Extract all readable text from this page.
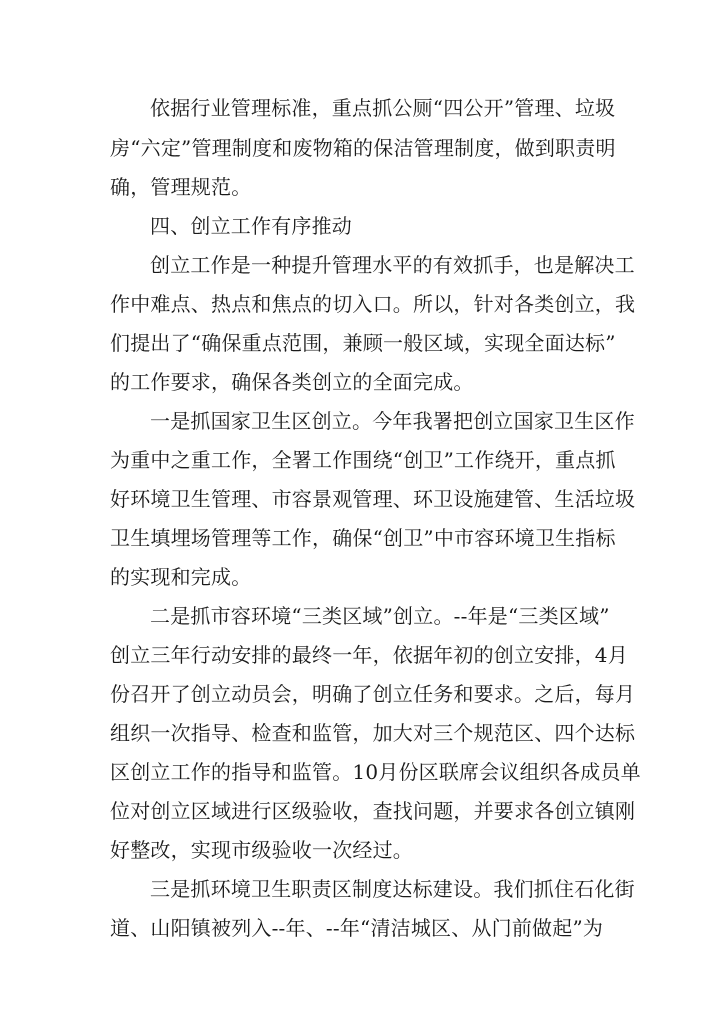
依据行业管理标准，重点抓公厕“四公开”管理、垃圾
房“六定”管理制度和废物箱的保洁管理制度，做到职责明
确，管理规范。
四、创立工作有序推动
创立工作是一种提升管理水平的有效抓手，也是解决工
作中难点、热点和焦点的切入口。所以，针对各类创立，我
们提出了“确保重点范围，兼顾一般区域，实现全面达标”
的工作要求，确保各类创立的全面完成。
一是抓国家卫生区创立。今年我署把创立国家卫生区作
为重中之重工作，全署工作围绕“创卫”工作绕开，重点抓
好环境卫生管理、市容景观管理、环卫设施建管、生活垃圾
卫生填埋场管理等工作，确保“创卫”中市容环境卫生指标
的实现和完成。
二是抓市容环境“三类区域”创立。--年是“三类区域”
创立三年行动安排的最终一年，依据年初的创立安排，4月
份召开了创立动员会，明确了创立任务和要求。之后，每月
组织一次指导、检查和监管，加大对三个规范区、四个达标
区创立工作的指导和监管。10月份区联席会议组织各成员单
位对创立区域进行区级验收，查找问题，并要求各创立镇刚
好整改，实现市级验收一次经过。
三是抓环境卫生职责区制度达标建设。我们抓住石化街
道、山阳镇被列入--年、--年“清洁城区、从门前做起”为
